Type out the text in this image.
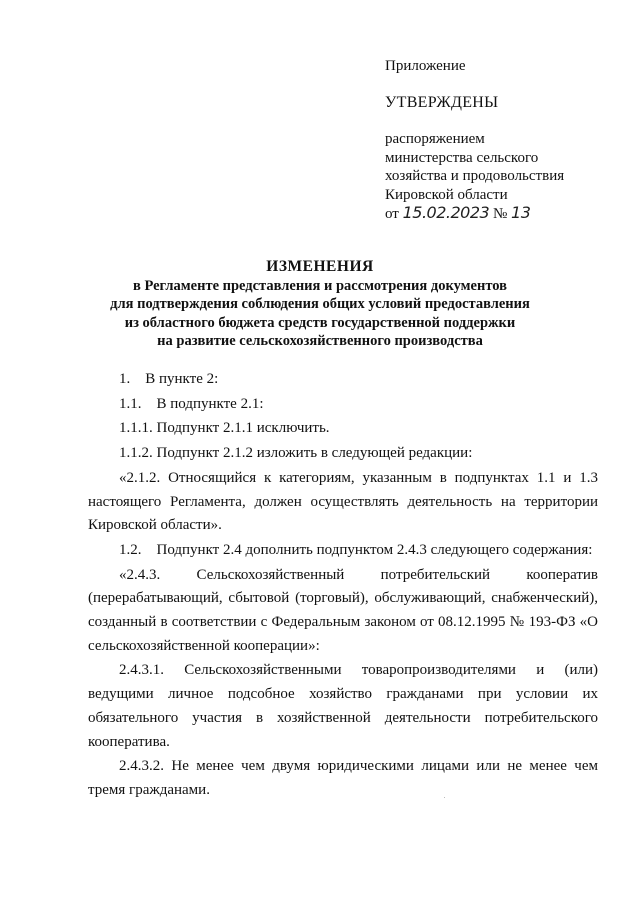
Приложение
УТВЕРЖДЕНЫ
распоряжением
министерства сельского
хозяйства и продовольствия
Кировской области
от 15.02.2023 № 13
ИЗМЕНЕНИЯ
в Регламенте представления и рассмотрения документов
для подтверждения соблюдения общих условий предоставления
из областного бюджета средств государственной поддержки
на развитие сельскохозяйственного производства

1.    В пункте 2:

1.1.    В подпункте 2.1:

1.1.1. Подпункт 2.1.1 исключить.

1.1.2. Подпункт 2.1.2 изложить в следующей редакции:

«2.1.2. Относящийся к категориям, указанным в подпунктах 1.1 и 1.3 настоящего Регламента, должен осуществлять деятельность на территории Кировской области».

1.2.    Подпункт 2.4 дополнить подпунктом 2.4.3 следующего содержания:

«2.4.3. Сельскохозяйственный потребительский кооператив (перерабатывающий, сбытовой (торговый), обслуживающий, снабженческий), созданный в соответствии с Федеральным законом от 08.12.1995 № 193-ФЗ «О сельскохозяйственной кооперации»:

2.4.3.1. Сельскохозяйственными товаропроизводителями и (или) ведущими личное подсобное хозяйство гражданами при условии их обязательного участия в хозяйственной деятельности потребительского кооператива.

2.4.3.2. Не менее чем двумя юридическими лицами или не менее чем тремя гражданами.
